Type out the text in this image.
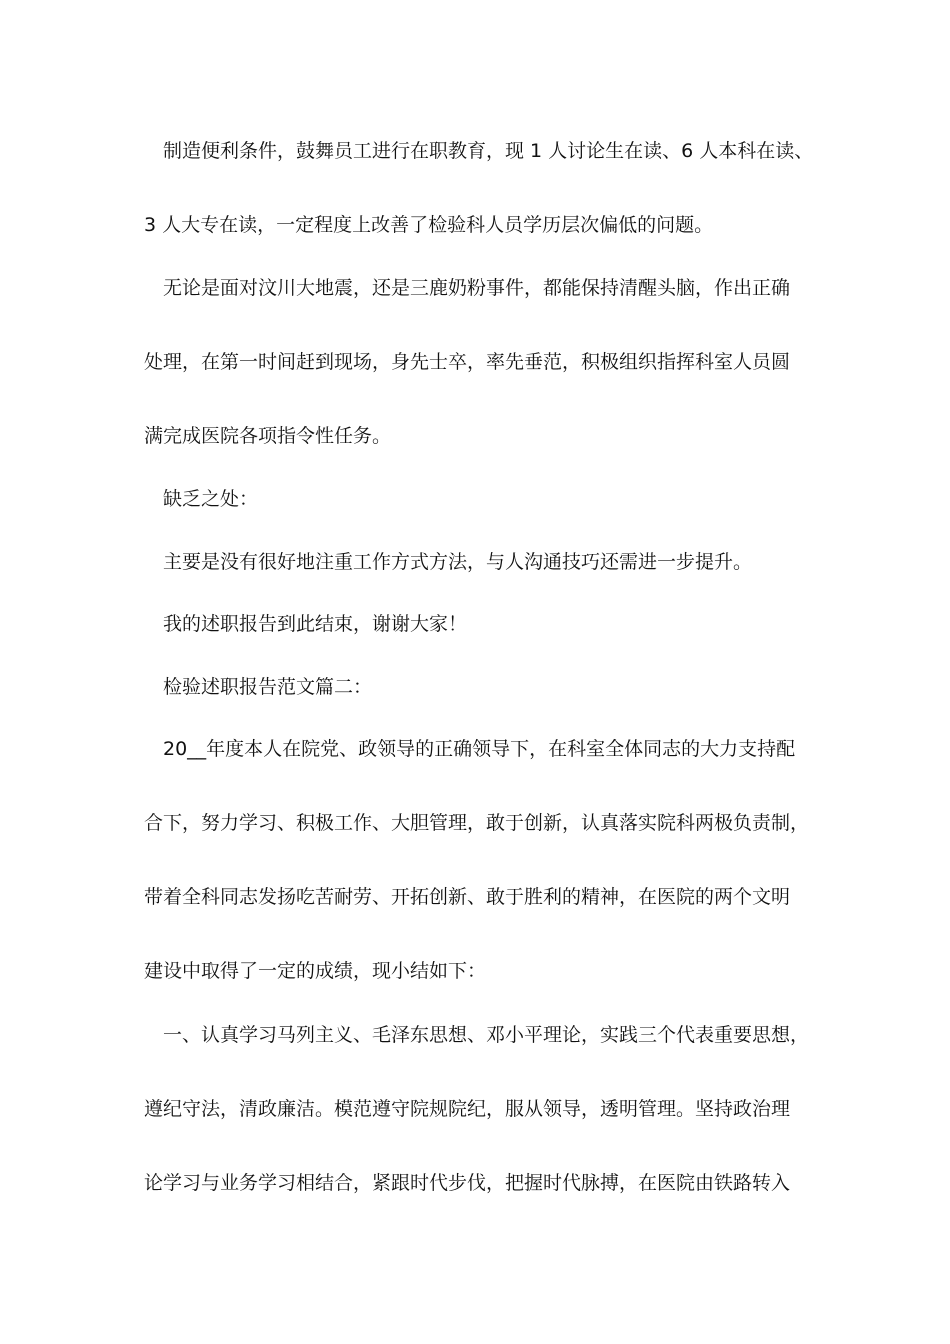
制造便利条件，鼓舞员工进行在职教育，现 1 人讨论生在读、6 人本科在读、
3 人大专在读，一定程度上改善了检验科人员学历层次偏低的问题。
无论是面对汶川大地震，还是三鹿奶粉事件，都能保持清醒头脑，作出正确
处理，在第一时间赶到现场，身先士卒，率先垂范，积极组织指挥科室人员圆
满完成医院各项指令性任务。
缺乏之处：
主要是没有很好地注重工作方式方法，与人沟通技巧还需进一步提升。
我的述职报告到此结束，谢谢大家！
检验述职报告范文篇二：
20__年度本人在院党、政领导的正确领导下，在科室全体同志的大力支持配
合下，努力学习、积极工作、大胆管理，敢于创新，认真落实院科两极负责制，
带着全科同志发扬吃苦耐劳、开拓创新、敢于胜利的精神，在医院的两个文明
建设中取得了一定的成绩，现小结如下：
一、认真学习马列主义、毛泽东思想、邓小平理论，实践三个代表重要思想，
遵纪守法，清政廉洁。模范遵守院规院纪，服从领导，透明管理。坚持政治理
论学习与业务学习相结合，紧跟时代步伐，把握时代脉搏，在医院由铁路转入
